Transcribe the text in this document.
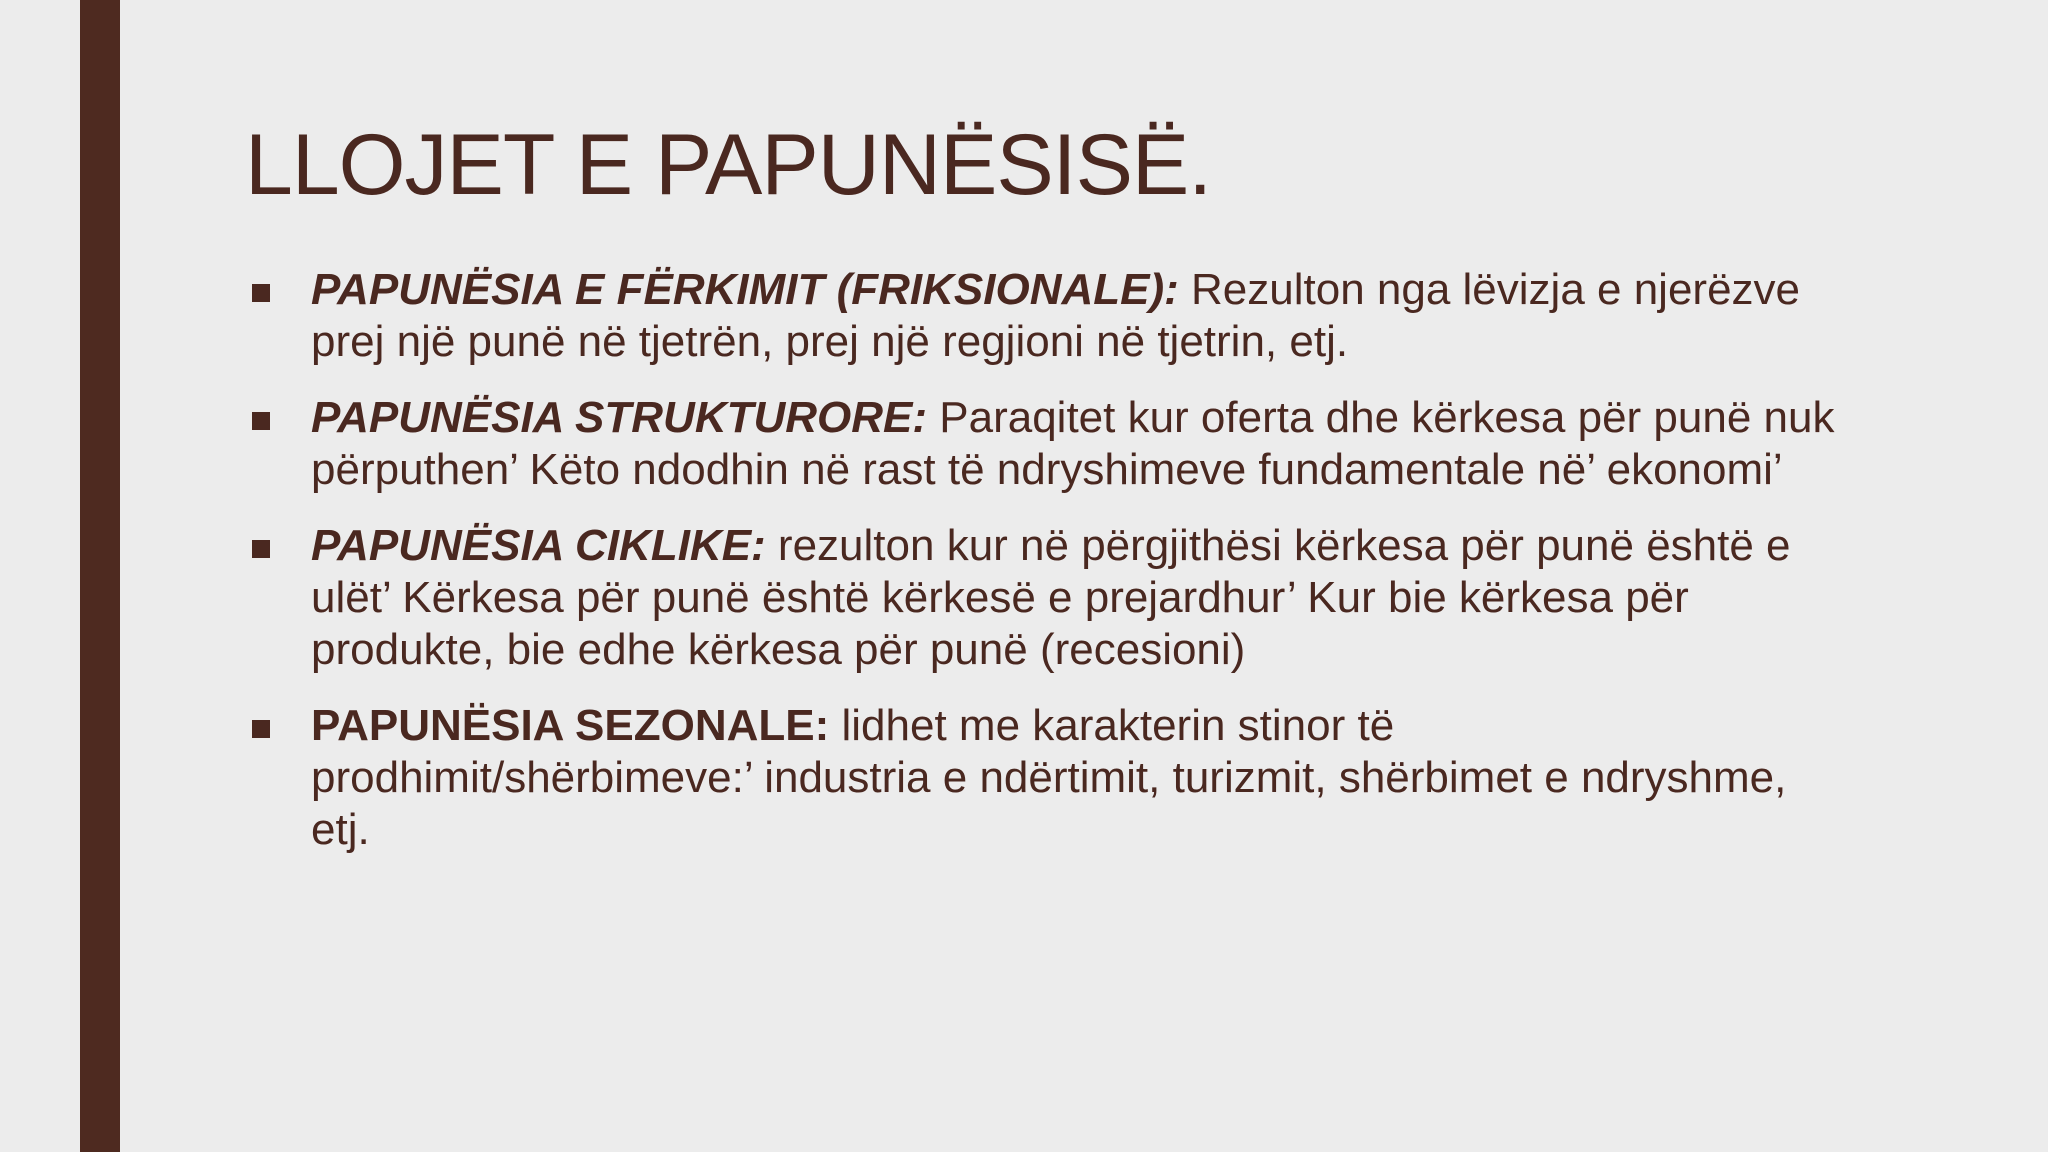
LLOJET E PAPUNËSISË.
PAPUNËSIA E FËRKIMIT (FRIKSIONALE): Rezulton nga lëvizja e njerëzve prej një punë në tjetrën, prej një regjioni në tjetrin, etj.
PAPUNËSIA STRUKTURORE: Paraqitet kur oferta dhe kërkesa për punë nuk përputhen’ Këto ndodhin në rast të ndryshimeve fundamentale në’ ekonomi’
PAPUNËSIA CIKLIKE: rezulton kur në përgjithësi kërkesa për punë është e ulët’ Kërkesa për punë është kërkesë e prejardhur’ Kur bie kërkesa për produkte, bie edhe kërkesa për punë (recesioni)
PAPUNËSIA SEZONALE: lidhet me karakterin stinor të prodhimit/shërbimeve:’ industria e ndërtimit, turizmit, shërbimet e ndryshme, etj.
